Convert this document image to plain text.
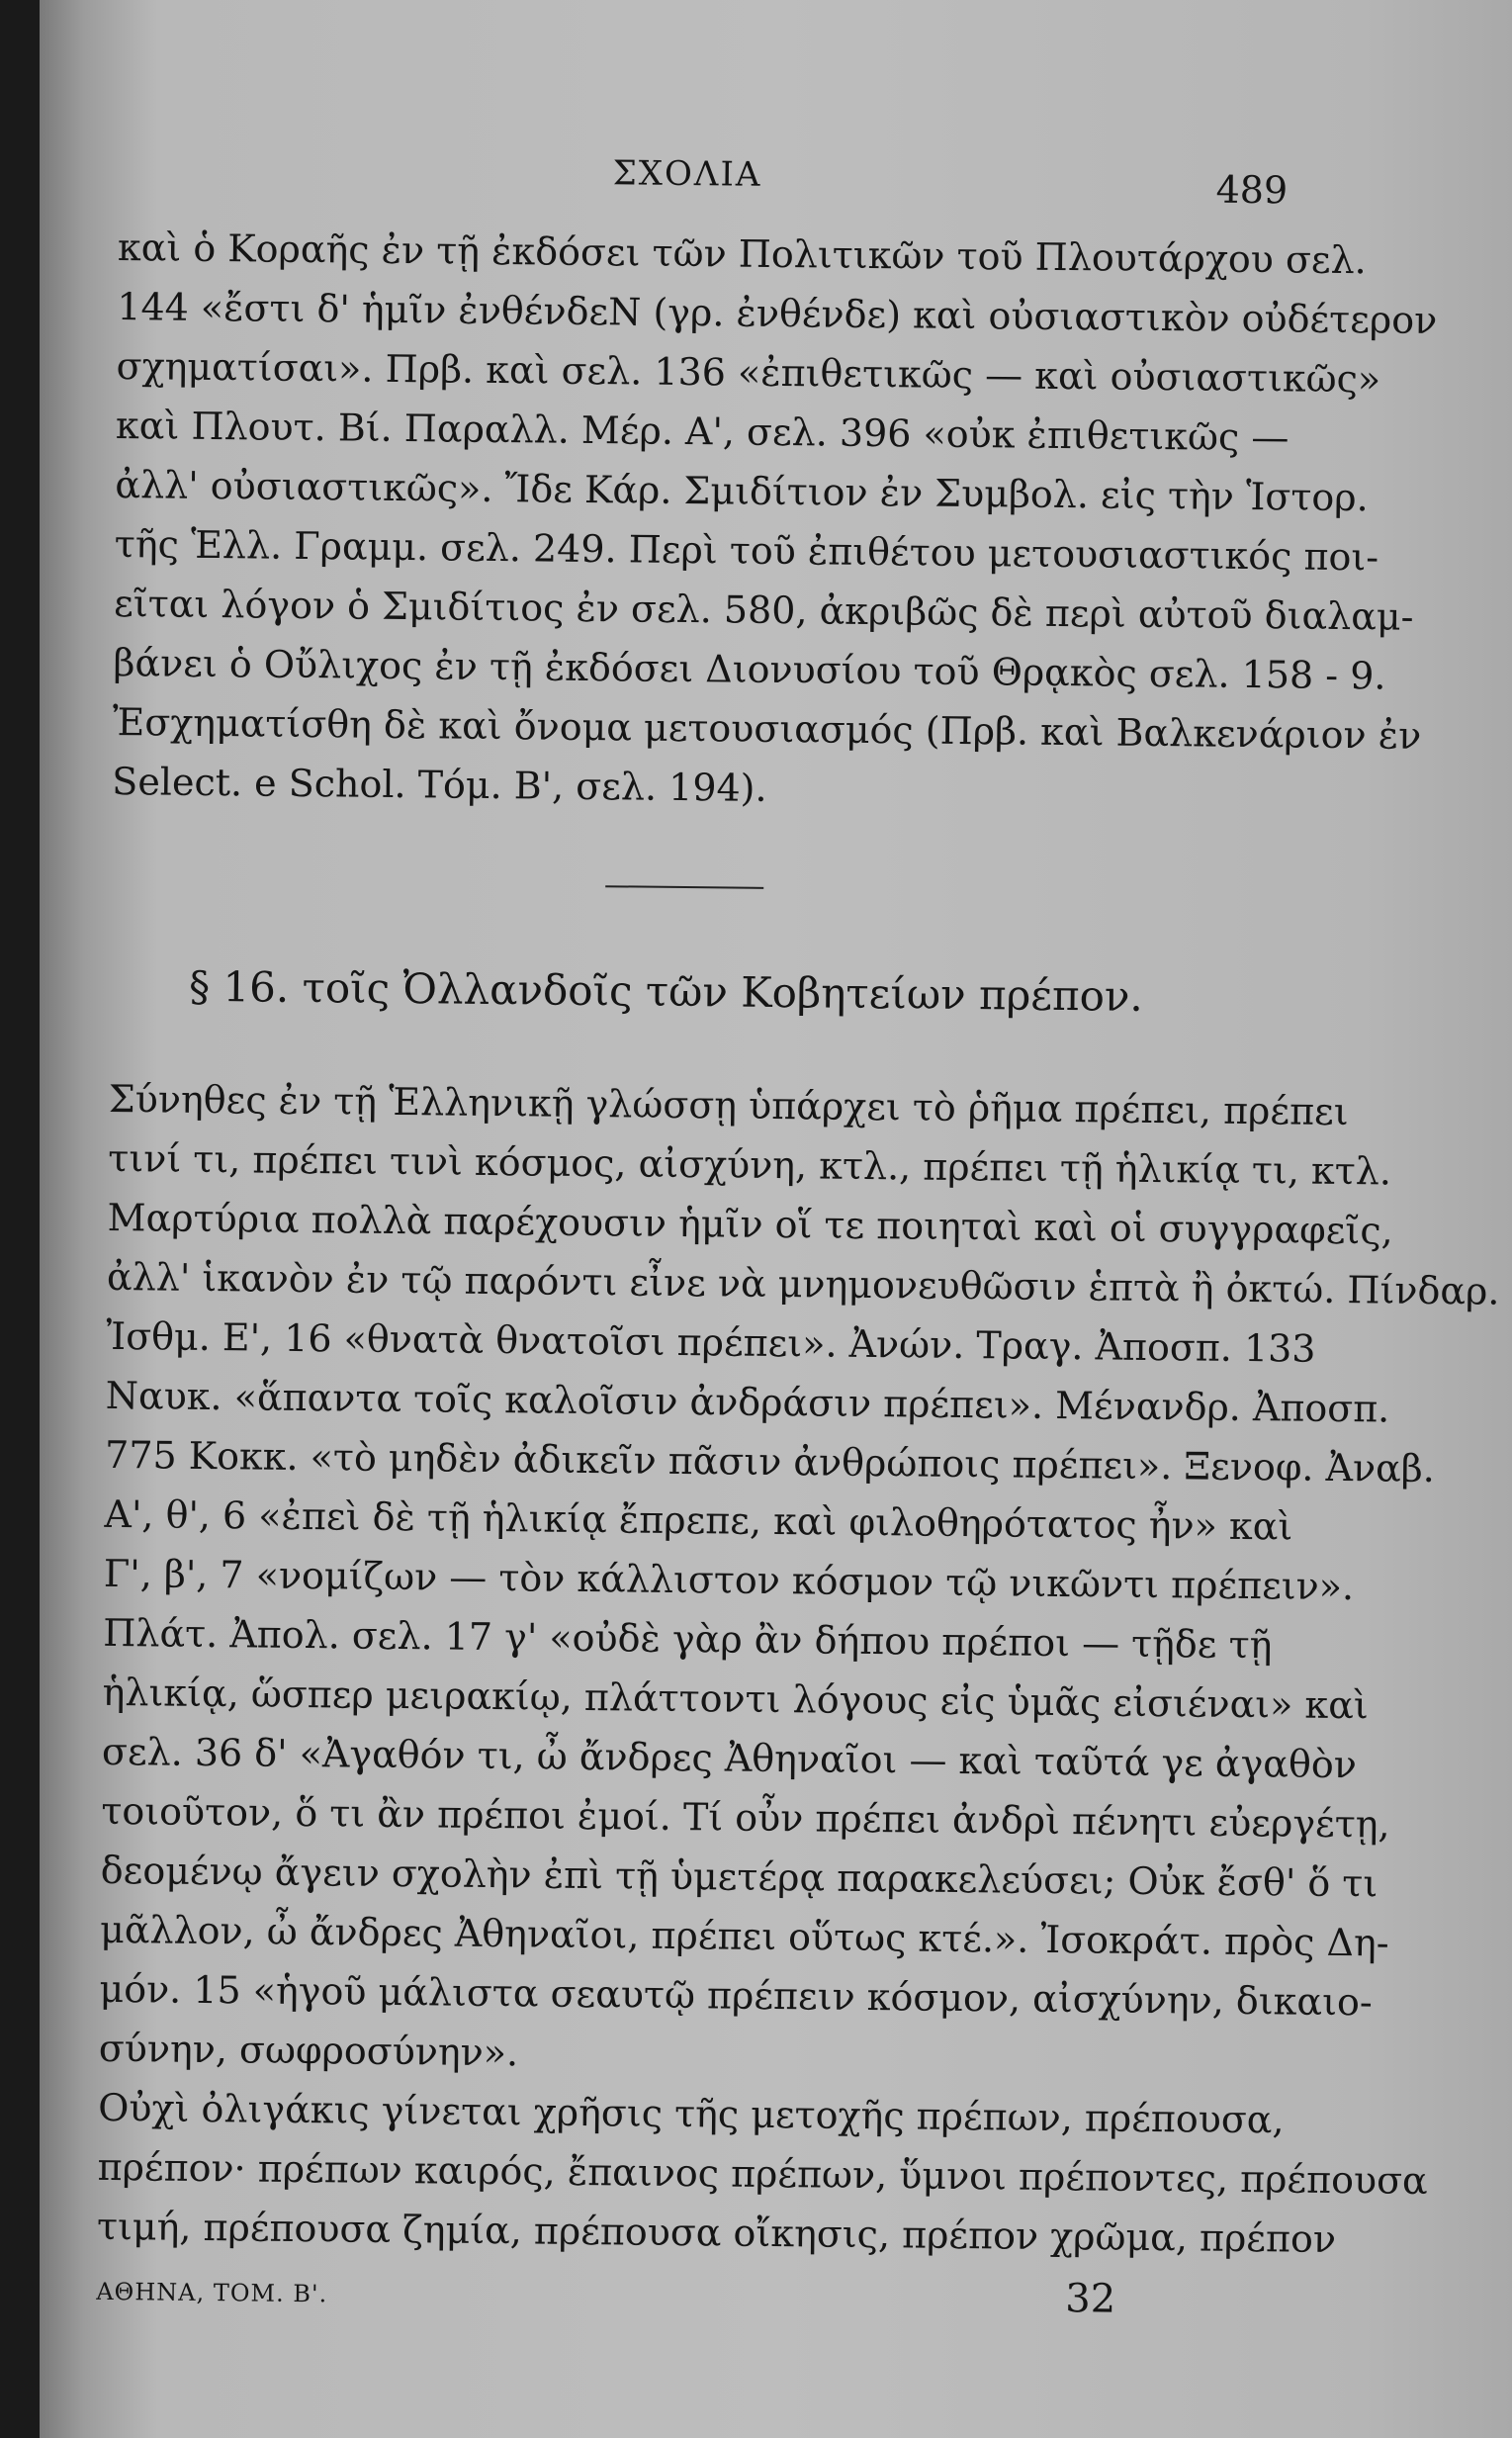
ΣΧΟΛΙΑ	489

καὶ ὁ Κοραῆς ἐν τῇ ἐκδόσει τῶν Πολιτικῶν τοῦ Πλουτάρχου σελ.
144 «ἔστι δ' ἡμῖν ἐνθένδεΝ (γρ. ἐνθένδε) καὶ οὐσιαστικὸν οὐδέτερον
σχηματίσαι». Πρβ. καὶ σελ. 136 «ἐπιθετικῶς — καὶ οὐσιαστικῶς»
καὶ Πλουτ. Βί. Παραλλ. Μέρ. Α', σελ. 396 «οὐκ ἐπιθετικῶς —
ἀλλ' οὐσιαστικῶς». Ἴδε Κάρ. Σμιδίτιον ἐν Συμβολ. εἰς τὴν Ἱστορ.
τῆς Ἑλλ. Γραμμ. σελ. 249. Περὶ τοῦ ἐπιθέτου μετουσιαστικός ποι-
εῖται λόγον ὁ Σμιδίτιος ἐν σελ. 580, ἀκριβῶς δὲ περὶ αὐτοῦ διαλαμ-
βάνει ὁ Οὔλιχος ἐν τῇ ἐκδόσει Διονυσίου τοῦ Θρᾳκὸς σελ. 158 - 9.
Ἐσχηματίσθη δὲ καὶ ὄνομα μετουσιασμός (Πρβ. καὶ Βαλκενάριον ἐν
Select. e Schol. Τόμ. Β', σελ. 194).

§ 16. τοῖς Ὀλλανδοῖς τῶν Κοβητείων πρέπον.

Σύνηθες ἐν τῇ Ἑλληνικῇ γλώσσῃ ὑπάρχει τὸ ῥῆμα πρέπει, πρέπει
τινί τι, πρέπει τινὶ κόσμος, αἰσχύνη, κτλ., πρέπει τῇ ἡλικίᾳ τι, κτλ.
Μαρτύρια πολλὰ παρέχουσιν ἡμῖν οἵ τε ποιηταὶ καὶ οἱ συγγραφεῖς,
ἀλλ' ἱκανὸν ἐν τῷ παρόντι εἶνε νὰ μνημονευθῶσιν ἑπτὰ ἢ ὀκτώ. Πίνδαρ.
Ἰσθμ. Ε', 16 «θνατὰ θνατοῖσι πρέπει». Ἀνών. Τραγ. Ἀποσπ. 133
Ναυκ. «ἅπαντα τοῖς καλοῖσιν ἀνδράσιν πρέπει». Μένανδρ. Ἀποσπ.
775 Κοκκ. «τὸ μηδὲν ἀδικεῖν πᾶσιν ἀνθρώποις πρέπει». Ξενοφ. Ἀναβ.
Α', θ', 6 «ἐπεὶ δὲ τῇ ἡλικίᾳ ἔπρεπε, καὶ φιλοθηρότατος ἦν» καὶ
Γ', β', 7 «νομίζων — τὸν κάλλιστον κόσμον τῷ νικῶντι πρέπειν».
Πλάτ. Ἀπολ. σελ. 17 γ' «οὐδὲ γὰρ ἂν δήπου πρέποι — τῇδε τῇ
ἡλικίᾳ, ὥσπερ μειρακίῳ, πλάττοντι λόγους εἰς ὑμᾶς εἰσιέναι» καὶ
σελ. 36 δ' «Ἀγαθόν τι, ὦ ἄνδρες Ἀθηναῖοι — καὶ ταῦτά γε ἀγαθὸν
τοιοῦτον, ὅ τι ἂν πρέποι ἐμοί. Τί οὖν πρέπει ἀνδρὶ πένητι εὐεργέτῃ,
δεομένῳ ἄγειν σχολὴν ἐπὶ τῇ ὑμετέρᾳ παρακελεύσει; Οὐκ ἔσθ' ὅ τι
μᾶλλον, ὦ ἄνδρες Ἀθηναῖοι, πρέπει οὕτως κτέ.». Ἰσοκράτ. πρὸς Δη-
μόν. 15 «ἡγοῦ μάλιστα σεαυτῷ πρέπειν κόσμον, αἰσχύνην, δικαιο-
σύνην, σωφροσύνην».

Οὐχὶ ὀλιγάκις γίνεται χρῆσις τῆς μετοχῆς πρέπων, πρέπουσα,
πρέπον· πρέπων καιρός, ἔπαινος πρέπων, ὕμνοι πρέποντες, πρέπουσα
τιμή, πρέπουσα ζημία, πρέπουσα οἴκησις, πρέπον χρῶμα, πρέπον

ΑΘΗΝΑ, ΤΟΜ. Β'.	32
